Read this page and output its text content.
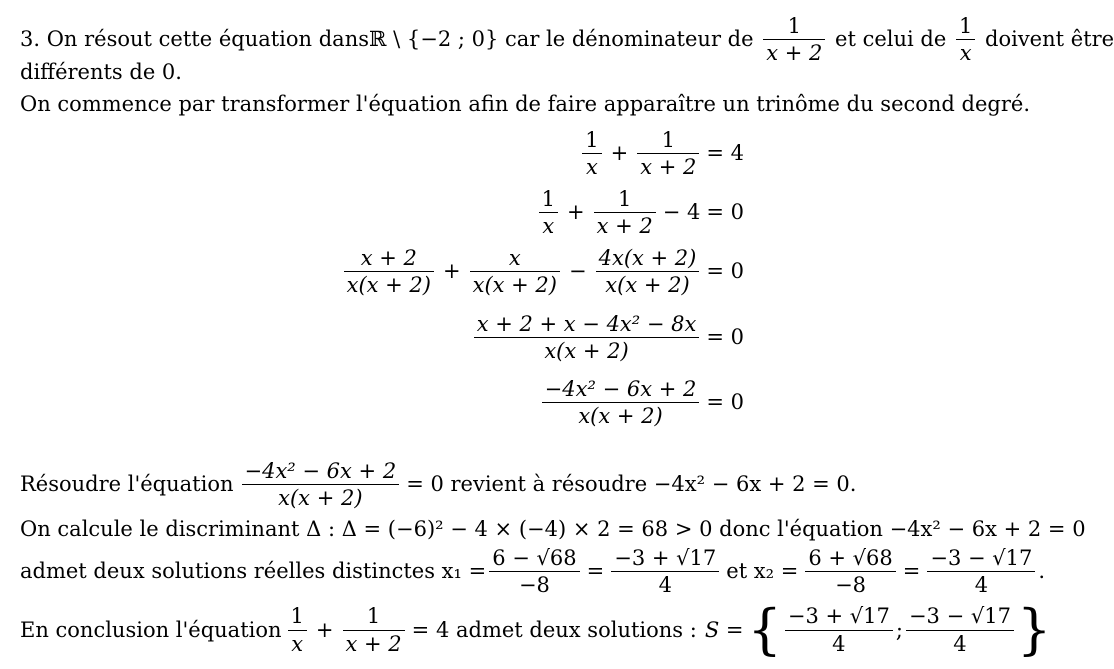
3. On résout cette équation dans ℝ \ {−2 ; 0} car le dénominateur de $\frac{1}{x + 2}$ et celui de $\frac{1}{x}$ doivent être
différents de 0.
On commence par transformer l'équation afin de faire apparaître un trinôme du second degré.
$\frac{1}{x} + \frac{1}{x + 2} = 4$
$\frac{1}{x} + \frac{1}{x + 2} - 4 = 0$
$\frac{x + 2}{x(x + 2)} + \frac{x}{x(x + 2)} - \frac{4x(x + 2)}{x(x + 2)} = 0$
$\frac{\text{x + 2 + x − 4x² − 8x}}{x(x + 2)} = 0$
$\frac{\text{−4x² − 6x + 2}}{x(x + 2)} = 0$
Résoudre l'équation $\frac{\text{−4x² − 6x + 2}}{x(x + 2)} = 0$ revient à résoudre −4x² − 6x + 2 = 0.
On calcule le discriminant Δ : Δ = (−6)² − 4 × (−4) × 2 = 68 > 0 donc l'équation −4x² − 6x + 2 = 0
admet deux solutions réelles distinctes $x_1 = \frac{6 - √68}{-8} = \frac{-3 + √17}{4}$ et $x_2 = \frac{6 + √68}{-8} = \frac{-3 - √17}{4}$ .
En conclusion l'équation $\frac{1}{x} + \frac{1}{x + 2} = 4$ admet deux solutions : S = { $\frac{-3 + √17}{4}$ ; $\frac{-3 - √17}{4}$ }
